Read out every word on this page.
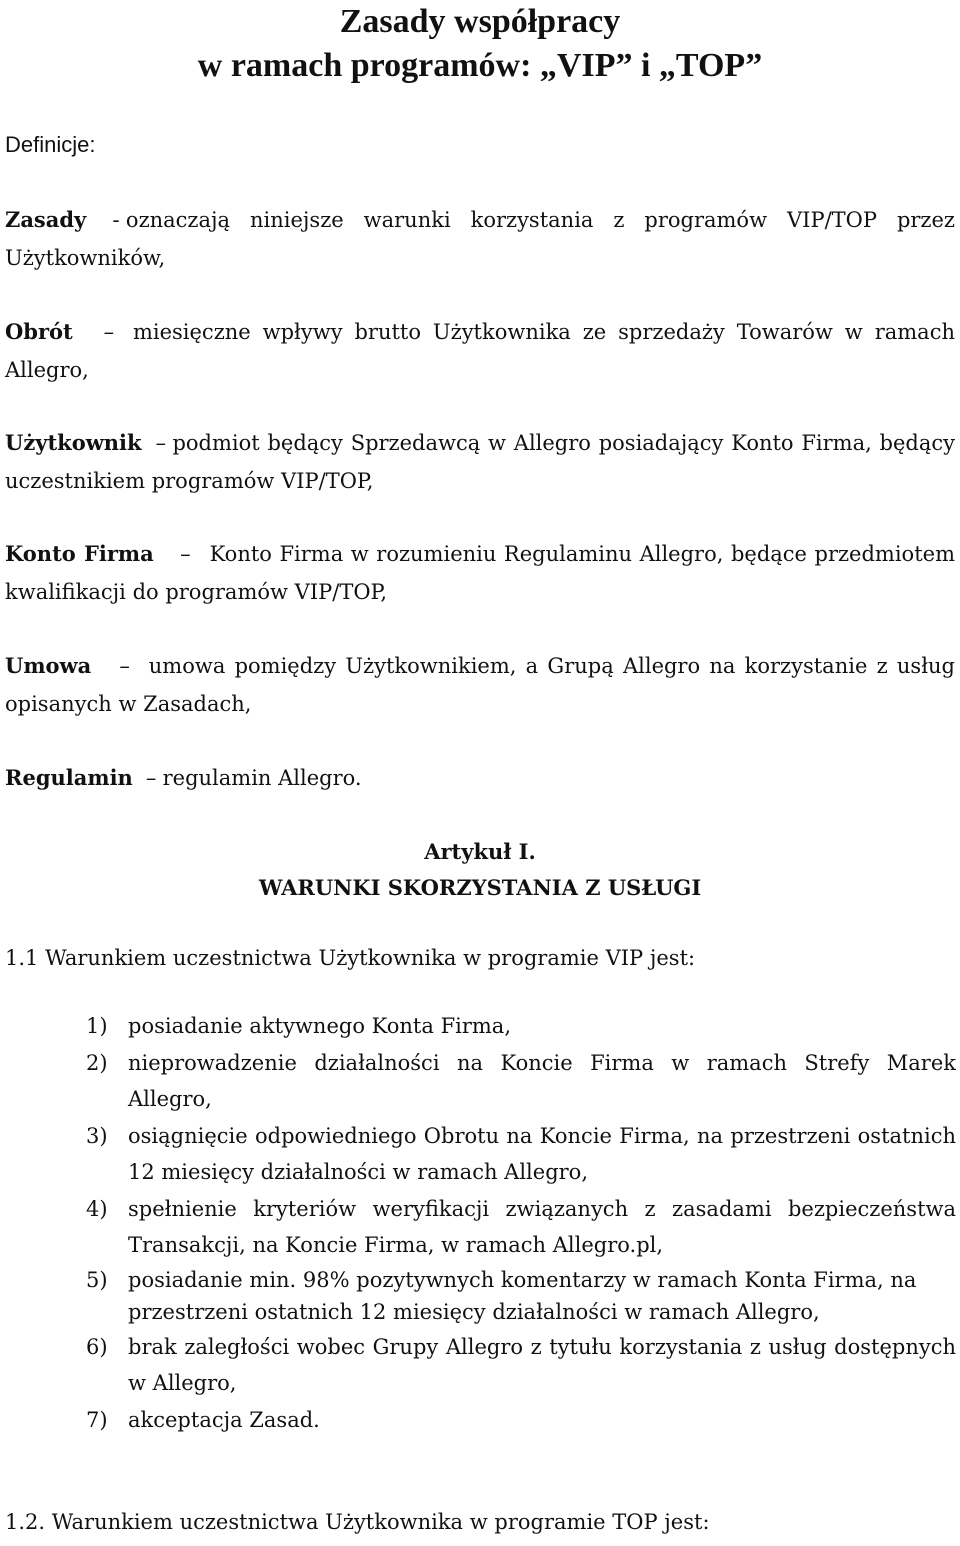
Zasady współpracy
w ramach programów: „VIP” i „TOP”
Definicje:
Zasady - oznaczają niniejsze warunki korzystania z programów VIP/TOP przez Użytkowników,
Obrót – miesięczne wpływy brutto Użytkownika ze sprzedaży Towarów w ramach Allegro,
Użytkownik – podmiot będący Sprzedawcą w Allegro posiadający Konto Firma, będący uczestnikiem programów VIP/TOP,
Konto Firma – Konto Firma w rozumieniu Regulaminu Allegro, będące przedmiotem kwalifikacji do programów VIP/TOP,
Umowa – umowa pomiędzy Użytkownikiem, a Grupą Allegro na korzystanie z usług opisanych w Zasadach,
Regulamin – regulamin Allegro.
Artykuł I.
WARUNKI SKORZYSTANIA Z USŁUGI
1.1 Warunkiem uczestnictwa Użytkownika w programie VIP jest:
1) posiadanie aktywnego Konta Firma,
2) nieprowadzenie działalności na Koncie Firma w ramach Strefy Marek Allegro,
3) osiągnięcie odpowiedniego Obrotu na Koncie Firma, na przestrzeni ostatnich 12 miesięcy działalności w ramach Allegro,
4) spełnienie kryteriów weryfikacji związanych z zasadami bezpieczeństwa Transakcji, na Koncie Firma, w ramach Allegro.pl,
5) posiadanie min. 98% pozytywnych komentarzy w ramach Konta Firma, na przestrzeni ostatnich 12 miesięcy działalności w ramach Allegro,
6) brak zaległości wobec Grupy Allegro z tytułu korzystania z usług dostępnych w Allegro,
7) akceptacja Zasad.
1.2. Warunkiem uczestnictwa Użytkownika w programie TOP jest:
